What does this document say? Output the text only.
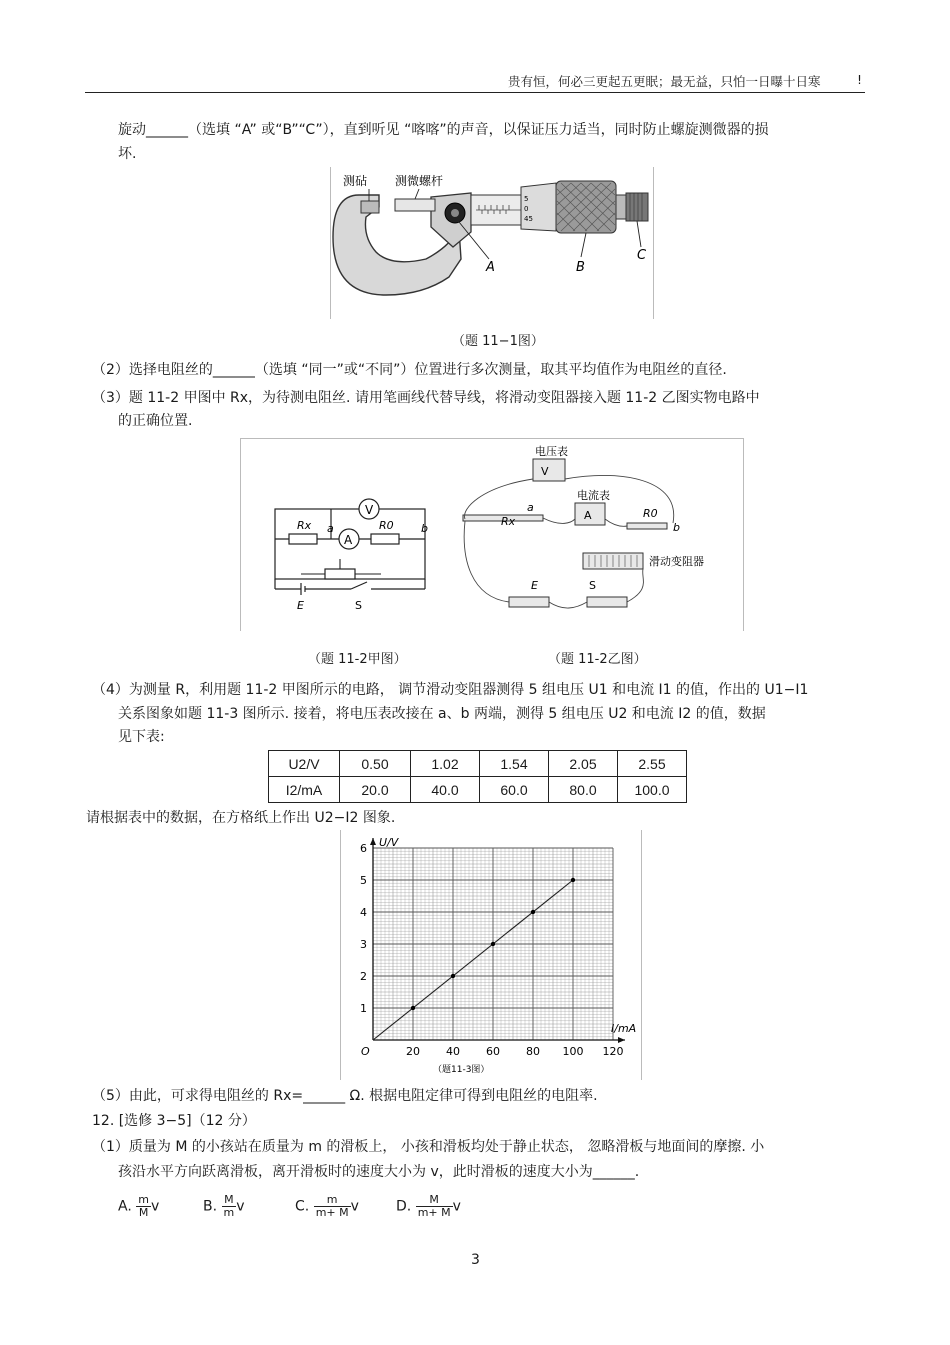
贵有恒，何必三更起五更眠；最无益，只怕一日曝十日寒	!
旋动______（选填 “A” 或“B”“C”），直到听见 “喀喀”的声音，以保证压力适当，同时防止螺旋测微器的损
坏.
5
0
45
测砧 测微螺杆
A	B
C
（题 11−1图）
（2）选择电阻丝的______（选填 “同一”或“不同”）位置进行多次测量，取其平均值作为电阻丝的直径.
（3）题 11-2 甲图中 Rx，为待测电阻丝. 请用笔画线代替导线，将滑动变阻器接入题 11-2 乙图实物电路中
的正确位置.
V
A
Rx	R0
a	b
E	S
V
A
电压表
电流表
Rx
a	R0
b
滑动变阻器
E	S
（题 11-2甲图）	（题 11-2乙图）
（4）为测量 R，利用题 11-2 甲图所示的电路， 调节滑动变阻器测得 5 组电压 U1 和电流 I1 的值，作出的 U1−I1
关系图象如题 11-3 图所示. 接着，将电压表改接在 a、b 两端，测得 5 组电压 U2 和电流 I2 的值，数据
见下表:
U2/V	0.50	1.02	1.54	2.05	2.55
I2/mA	20.0	40.0	60.0	80.0	100.0
请根据表中的数据，在方格纸上作出 U2−I2 图象.
20 40 60 80 100 120
1
2
3
4
5
6
I/mA
U/V
O
（题11-3图）
（5）由此，可求得电阻丝的 Rx=______ Ω. 根据电阻定律可得到电阻丝的电阻率.
12. [选修 3−5]（12 分）
（1）质量为 M 的小孩站在质量为 m 的滑板上， 小孩和滑板均处于静止状态， 忽略滑板与地面间的摩擦. 小
孩沿水平方向跃离滑板，离开滑板时的速度大小为 v，此时滑板的速度大小为______.
A. $\frac{m}{M}$ v	B. $\frac{M}{m}$ v	C. $\frac{m}{m+ M}$ v	D. $\frac{M}{m+ M}$ v
3
